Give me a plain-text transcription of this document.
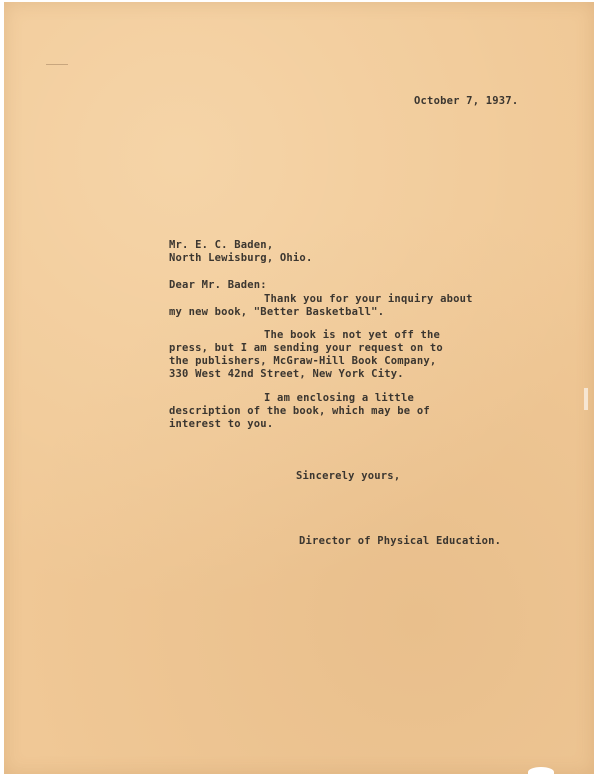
October 7, 1937.
Mr. E. C. Baden,
North Lewisburg, Ohio.
Dear Mr. Baden:
Thank you for your inquiry about
my new book, "Better Basketball".
The book is not yet off the
press, but I am sending your request on to
the publishers, McGraw-Hill Book Company,
330 West 42nd Street, New York City.
I am enclosing a little
description of the book, which may be of
interest to you.
Sincerely yours,
Director of Physical Education.
